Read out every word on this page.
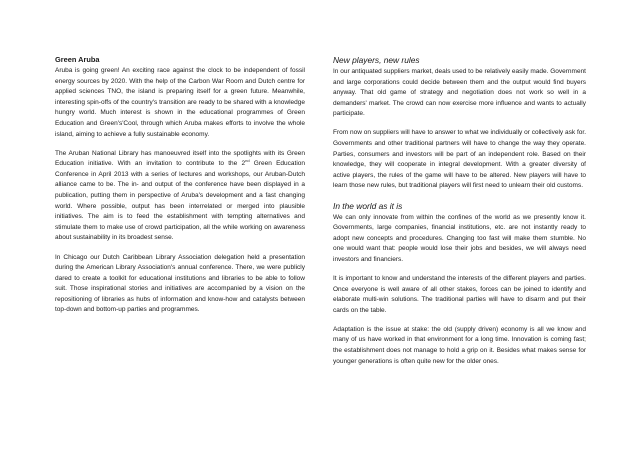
Green Aruba

Aruba is going green! An exciting race against the clock to be independent of fossil energy sources by 2020. With the help of the Carbon War Room and Dutch centre for applied sciences TNO, the island is preparing itself for a green future. Meanwhile, interesting spin-offs of the country's transition are ready to be shared with a knowledge hungry world. Much interest is shown in the educational programmes of Green Education and Green's'Cool, through which Aruba makes efforts to involve the whole island, aiming to achieve a fully sustainable economy.

The Aruban National Library has manoeuvred itself into the spotlights with its Green Education initiative. With an invitation to contribute to the 2nd Green Education Conference in April 2013 with a series of lectures and workshops, our Aruban-Dutch alliance came to be. The in- and output of the conference have been displayed in a publication, putting them in perspective of Aruba's development and a fast changing world. Where possible, output has been interrelated or merged into plausible initiatives. The aim is to feed the establishment with tempting alternatives and stimulate them to make use of crowd participation, all the while working on awareness about sustainability in its broadest sense.

In Chicago our Dutch Caribbean Library Association delegation held a presentation during the American Library Association's annual conference. There, we were publicly dared to create a toolkit for educational institutions and libraries to be able to follow suit. Those inspirational stories and initiatives are accompanied by a vision on the repositioning of libraries as hubs of information and know-how and catalysts between top-down and bottom-up parties and programmes.

New players, new rules

In our antiquated suppliers market, deals used to be relatively easily made. Government and large corporations could decide between them and the output would find buyers anyway. That old game of strategy and negotiation does not work so well in a demanders' market. The crowd can now exercise more influence and wants to actually participate.

From now on suppliers will have to answer to what we individually or collectively ask for. Governments and other traditional partners will have to change the way they operate. Parties, consumers and investors will be part of an independent role. Based on their knowledge, they will cooperate in integral development. With a greater diversity of active players, the rules of the game will have to be altered. New players will have to learn those new rules, but traditional players will first need to unlearn their old customs.

In the world as it is

We can only innovate from within the confines of the world as we presently know it. Governments, large companies, financial institutions, etc. are not instantly ready to adopt new concepts and procedures. Changing too fast will make them stumble. No one would want that: people would lose their jobs and besides, we will always need investors and financiers.

It is important to know and understand the interests of the different players and parties. Once everyone is well aware of all other stakes, forces can be joined to identify and elaborate multi-win solutions. The traditional parties will have to disarm and put their cards on the table.

Adaptation is the issue at stake: the old (supply driven) economy is all we know and many of us have worked in that environment for a long time. Innovation is coming fast; the establishment does not manage to hold a grip on it. Besides what makes sense for younger generations is often quite new for the older ones.
